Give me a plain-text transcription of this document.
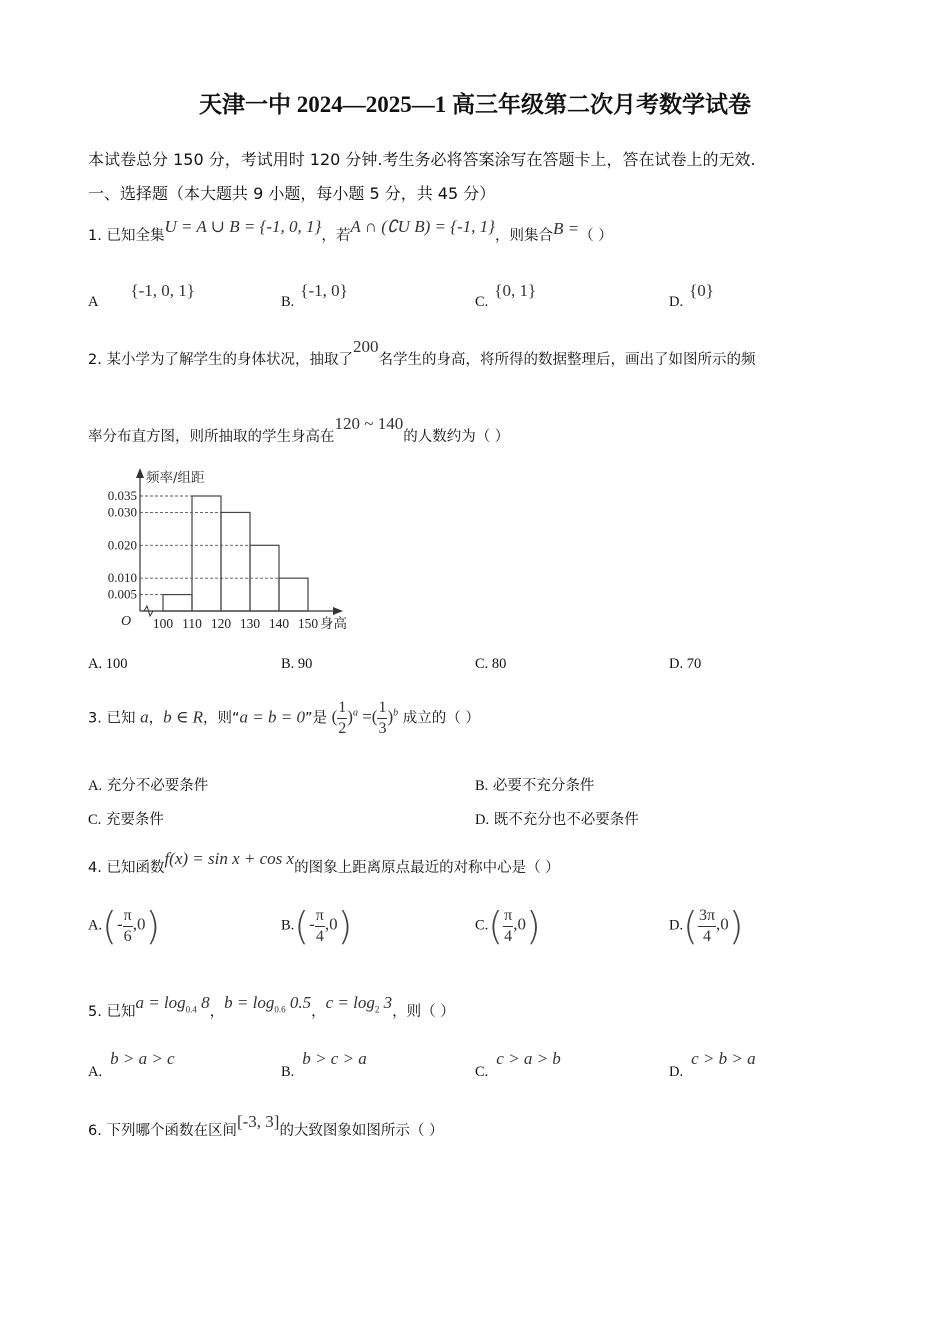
天津一中 2024—2025—1 高三年级第二次月考数学试卷
本试卷总分 150 分，考试用时 120 分钟.考生务必将答案涂写在答题卡上，答在试卷上的无效.
一、选择题（本大题共 9 小题，每小题 5 分，共 45 分）
1. 已知全集U = A ∪ B = {-1, 0, 1}，若A ∩ (∁U B) = {-1, 1}，则集合B =（ ）
A{-1, 0, 1}
B.{-1, 0}
C.{0, 1}
D.{0}
2. 某小学为了解学生的身体状况，抽取了200名学生的身高，将所得的数据整理后，画出了如图所示的频
率分布直方图，则所抽取的学生身高在120 ~ 140的人数约为（ ）
0.005
0.010
0.020
0.030
0.035
100 110 120 130 140 150
O
频率/组距
身高
A. 100	B. 90	C. 80	D. 70
3. 已知 a，b ∈ R，则“a = b = 0”是 ( $\frac{1}{2} )^a$ =( $\frac{1}{3} )^b$ 成立的（ ）
A. 充分不必要条件	B. 必要不充分条件
C. 充要条件	D. 既不充分也不必要条件
4. 已知函数f(x) = sin x + cos x的图象上距离原点最近的对称中心是（ ）
$A.(- \frac{\pi}{6} ,0)$	$B.(- \frac{\pi}{4} ,0)$	$C.( \frac{\pi}{4} ,0)$	$D.( \frac{3\pi}{4} ,0)$
5. 已知$a = \log_{0.4} 8$，$b = \log_{0.6} 0.5$，$c = \log_2 3$，则（ ）
A.b > a > c
B.b > c > a
C.c > a > b
D.c > b > a
6. 下列哪个函数在区间[-3, 3]的大致图象如图所示（ ）
